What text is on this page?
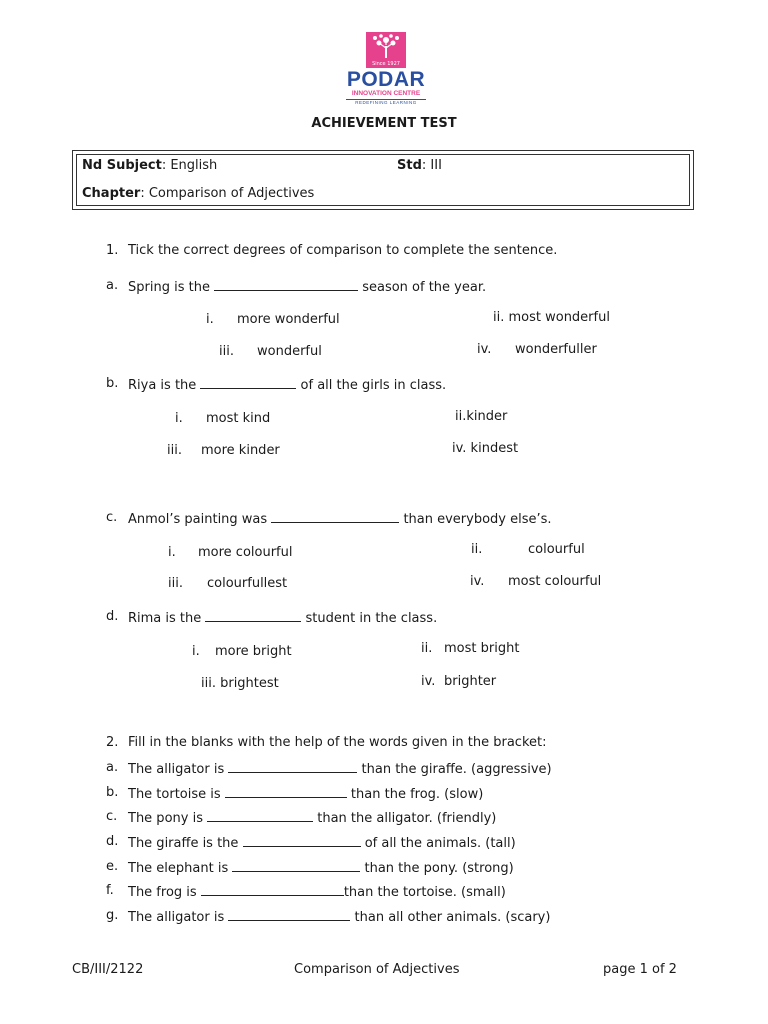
Since 1927
PODAR
INNOVATION CENTRE
REDEFINING LEARNING
ACHIEVEMENT TEST
Nd Subject: English	Std: III
Chapter: Comparison of Adjectives
1. Tick the correct degrees of comparison to complete the sentence.
a. Spring is the	season of the year.
i. more wonderful	ii. most wonderful
iii. wonderful	iv. wonderfuller
b. Riya is the	of all the girls in class.
i. most kind	ii.kinder
iii. more kinder	iv. kindest
c. Anmol’s painting was	than everybody else’s.
i. more colourful	ii.	colourful
iii. colourfullest	iv. most colourful
d. Rima is the	student in the class.
i. more bright	ii. most bright
iii. brightest	iv. brighter
2. Fill in the blanks with the help of the words given in the bracket:
a. The alligator is	than the giraffe. (aggressive)
b. The tortoise is	than the frog. (slow)
c. The pony is	than the alligator. (friendly)
d. The giraffe is the	of all the animals. (tall)
e. The elephant is	than the pony. (strong)
f. The frog is	than the tortoise. (small)
g. The alligator is	than all other animals. (scary)
CB/III/2122	Comparison of Adjectives	page 1 of 2
